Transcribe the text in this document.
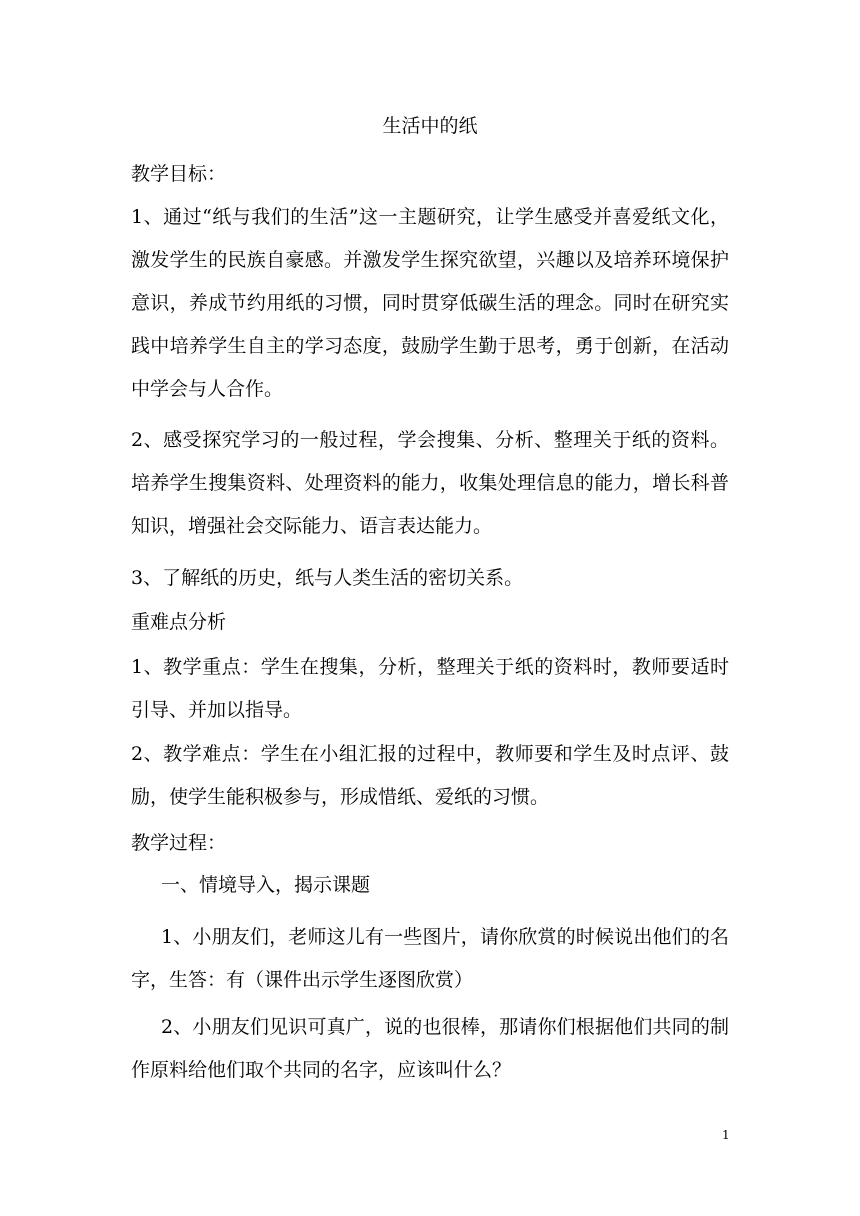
生活中的纸

教学目标：

1、通过“纸与我们的生活”这一主题研究，让学生感受并喜爱纸文化，激发学生的民族自豪感。并激发学生探究欲望，兴趣以及培养环境保护意识，养成节约用纸的习惯，同时贯穿低碳生活的理念。同时在研究实践中培养学生自主的学习态度，鼓励学生勤于思考，勇于创新，在活动中学会与人合作。

2、感受探究学习的一般过程，学会搜集、分析、整理关于纸的资料。培养学生搜集资料、处理资料的能力，收集处理信息的能力，增长科普知识，增强社会交际能力、语言表达能力。

3、了解纸的历史，纸与人类生活的密切关系。

重难点分析

1、教学重点：学生在搜集，分析，整理关于纸的资料时，教师要适时引导、并加以指导。

2、教学难点：学生在小组汇报的过程中，教师要和学生及时点评、鼓励，使学生能积极参与，形成惜纸、爱纸的习惯。

教学过程：

一、情境导入，揭示课题

1、小朋友们，老师这儿有一些图片，请你欣赏的时候说出他们的名字，生答：有（课件出示学生逐图欣赏）

2、小朋友们见识可真广，说的也很棒，那请你们根据他们共同的制作原料给他们取个共同的名字，应该叫什么？

1
